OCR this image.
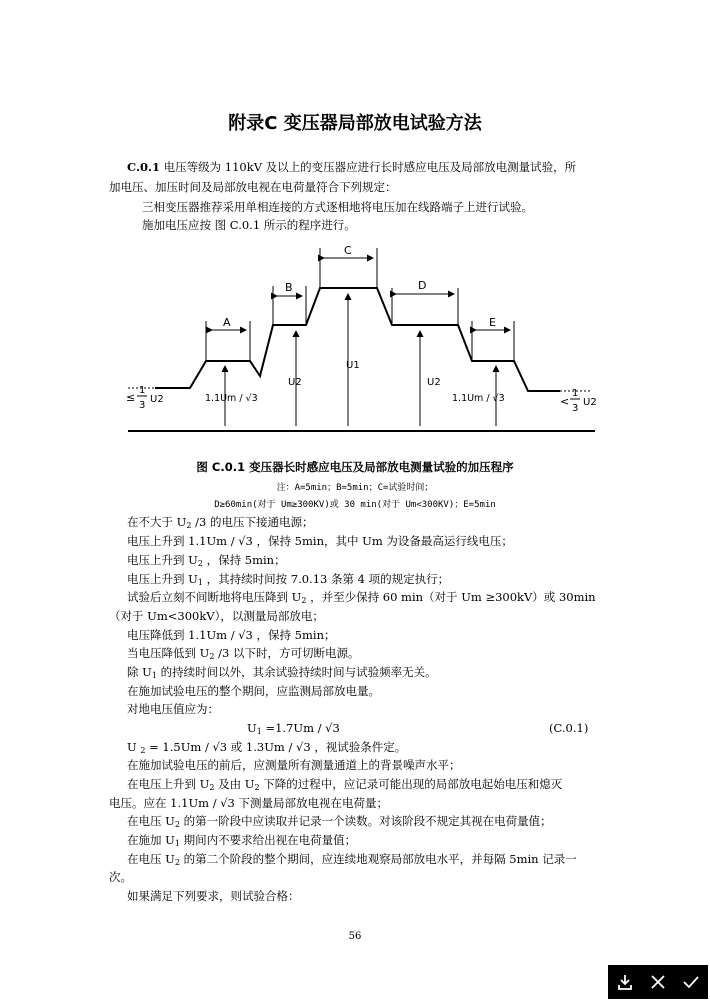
附录C 变压器局部放电试验方法
C.0.1 电压等级为 110kV 及以上的变压器应进行长时感应电压及局部放电测量试验，所
加电压、加压时间及局部放电视在电荷量符合下列规定：
三相变压器推荐采用单相连接的方式逐相地将电压加在线路端子上进行试验。
施加电压应按 图 C.0.1 所示的程序进行。
A
B
C
D
E
U2
U1
U2
1.1Um / √3	1.1Um / √3
≤
1
3
U2	<
1
3
U2
图 C.0.1 变压器长时感应电压及局部放电测量试验的加压程序
注：A=5min；B=5min；C=试验时间；
D≥60min(对于 Um≥300KV)或 30 min(对于 Um<300KV)；E=5min
在不大于 $U_2$ /3 的电压下接通电源；
电压上升到 1.1Um / √3 ，保持 5min，其中 Um 为设备最高运行线电压；
电压上升到 $U_2$ ，保持 5min；
电压上升到 $U_1$ ，其持续时间按 7.0.13 条第 4 项的规定执行；
试验后立刻不间断地将电压降到 $U_2$ ，并至少保持 60 min（对于 Um ≥300kV）或 30min
（对于 Um<300kV），以测量局部放电；
电压降低到 1.1Um / √3 ，保持 5min；
当电压降低到 $U_2$ /3 以下时，方可切断电源。
除 $U_1$ 的持续时间以外，其余试验持续时间与试验频率无关。
在施加试验电压的整个期间，应监测局部放电量。
对地电压值应为：
$U_1 =1.7Um / √3$	(C.0.1)
U $_2$ = 1.5Um / √3 或 1.3Um / √3 ，视试验条件定。
在施加试验电压的前后，应测量所有测量通道上的背景噪声水平；
在电压上升到 $U_2$ 及由 $U_2$ 下降的过程中，应记录可能出现的局部放电起始电压和熄灭
电压。应在 1.1Um / √3 下测量局部放电视在电荷量；
在电压 $U_2$ 的第一阶段中应读取并记录一个读数。对该阶段不规定其视在电荷量值；
在施加 $U_1$ 期间内不要求给出视在电荷量值；
在电压 $U_2$ 的第二个阶段的整个期间，应连续地观察局部放电水平，并每隔 5min 记录一
次。
如果满足下列要求，则试验合格：
56
